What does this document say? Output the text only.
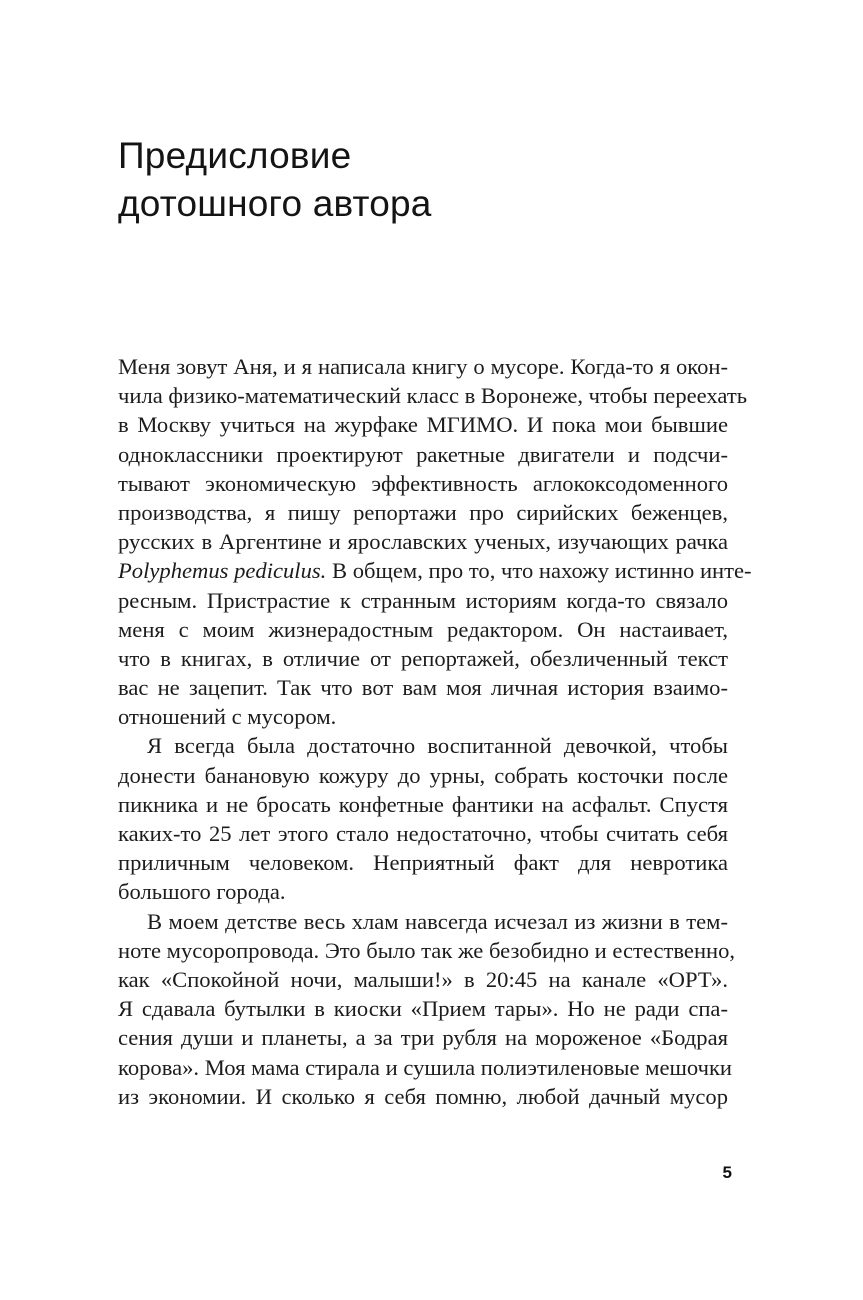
Предисловие
дотошного автора
Меня зовут Аня, и я написала книгу о мусоре. Когда-то я окон-
чила физико-математический класс в Воронеже, чтобы переехать
в Москву учиться на журфаке МГИМО. И пока мои бывшие
одноклассники проектируют ракетные двигатели и подсчи-
тывают экономическую эффективность аглококсодоменного
производства, я пишу репортажи про сирийских беженцев,
русских в Аргентине и ярославских ученых, изучающих рачка
Polyphemus pediculus. В общем, про то, что нахожу истинно инте-
ресным. Пристрастие к странным историям когда-то связало
меня с моим жизнерадостным редактором. Он настаивает,
что в книгах, в отличие от репортажей, обезличенный текст
вас не зацепит. Так что вот вам моя личная история взаимо-
отношений с мусором.
Я всегда была достаточно воспитанной девочкой, чтобы
донести банановую кожуру до урны, собрать косточки после
пикника и не бросать конфетные фантики на асфальт. Спустя
каких-то 25 лет этого стало недостаточно, чтобы считать себя
приличным человеком. Неприятный факт для невротика
большого города.
В моем детстве весь хлам навсегда исчезал из жизни в тем-
ноте мусоропровода. Это было так же безобидно и естественно,
как «Спокойной ночи, малыши!» в 20:45 на канале «ОРТ».
Я сдавала бутылки в киоски «Прием тары». Но не ради спа-
сения души и планеты, а за три рубля на мороженое «Бодрая
корова». Моя мама стирала и сушила полиэтиленовые мешочки
из экономии. И сколько я себя помню, любой дачный мусор
5
